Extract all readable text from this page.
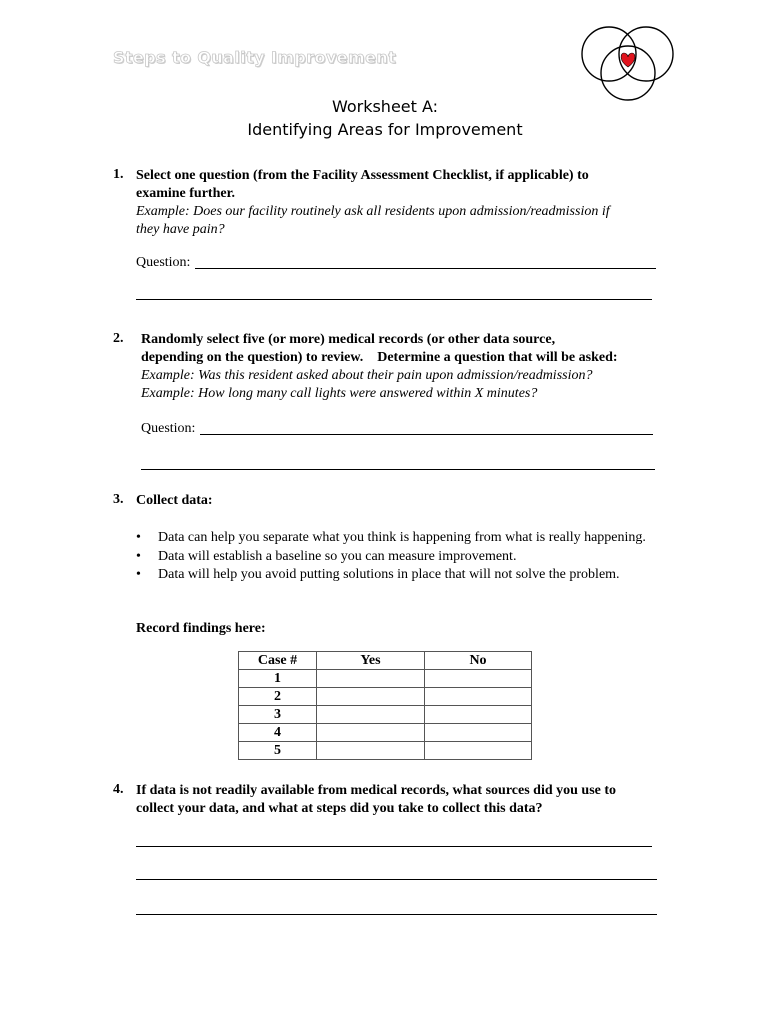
Steps to Quality Improvement
Worksheet A:
Identifying Areas for Improvement
1. Select one question (from the Facility Assessment Checklist, if applicable) to
examine further.
Example: Does our facility routinely ask all residents upon admission/readmission if
they have pain?
Question:
2. Randomly select five (or more) medical records (or other data source,
depending on the question) to review.    Determine a question that will be asked:
Example: Was this resident asked about their pain upon admission/readmission?
Example: How long many call lights were answered within X minutes?
Question:
3. Collect data:
• Data can help you separate what you think is happening from what is really happening.
• Data will establish a baseline so you can measure improvement.
• Data will help you avoid putting solutions in place that will not solve the problem.
Record findings here:
Case #	Yes	No
1		
2		
3		
4		
5		
4. If data is not readily available from medical records, what sources did you use to
collect your data, and what at steps did you take to collect this data?
